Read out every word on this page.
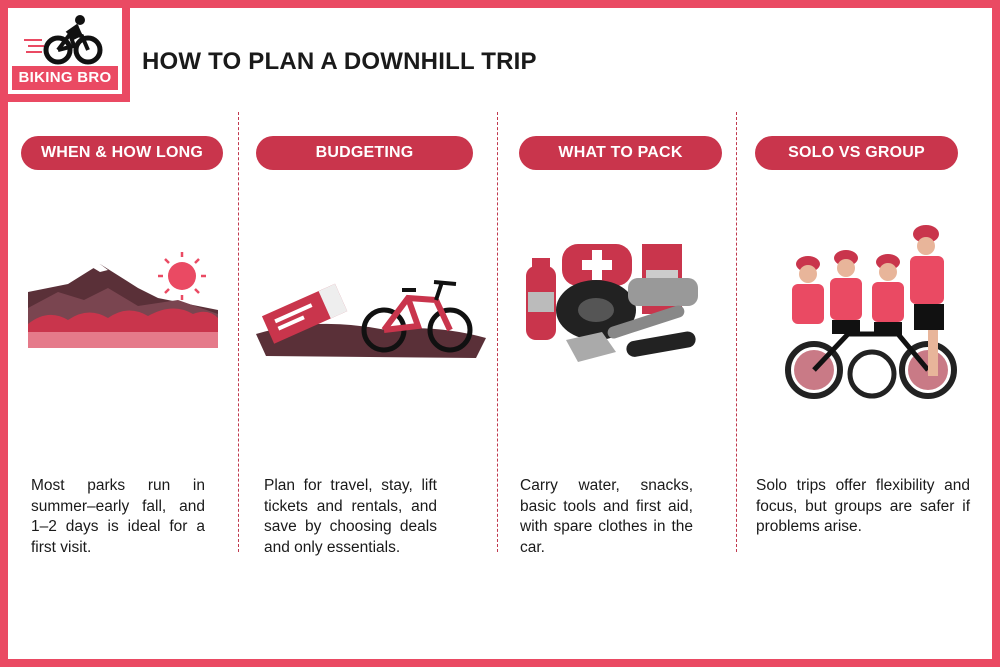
BIKING BRO
HOW TO PLAN A DOWNHILL TRIP
WHEN & HOW LONG
Most parks run in summer–early fall, and 1–2 days is ideal for a first visit.
BUDGETING
Plan for travel, stay, lift tickets and rentals, and save by choosing deals and only essentials.
WHAT TO PACK
Carry water, snacks, basic tools and first aid, with spare clothes in the car.
SOLO VS GROUP
Solo trips offer flexibility and focus, but groups are safer if problems arise.
